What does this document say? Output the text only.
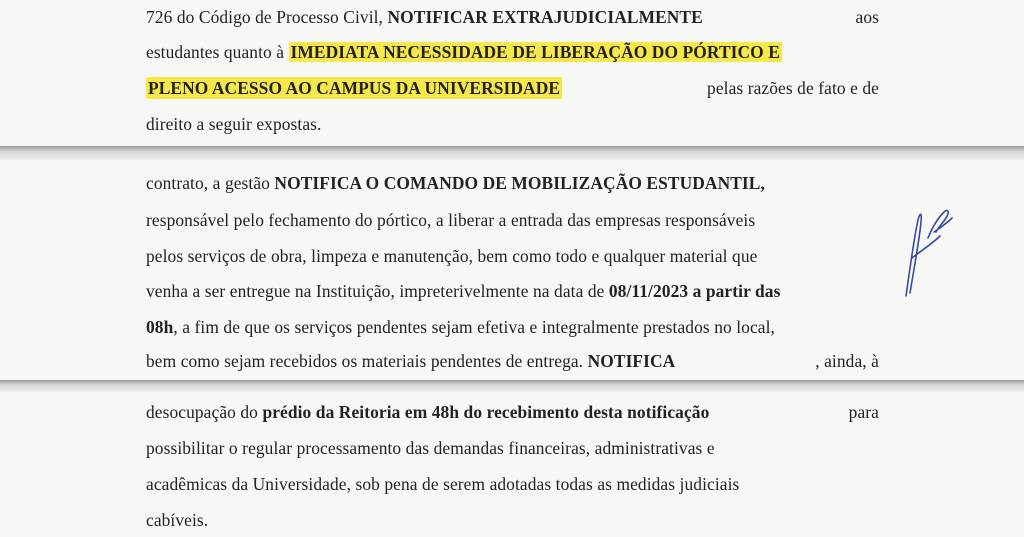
726 do Código de Processo Civil, NOTIFICAR EXTRAJUDICIALMENTE	aos
estudantes quanto à IMEDIATA NECESSIDADE DE LIBERAÇÃO DO PÓRTICO E
PLENO ACESSO AO CAMPUS DA UNIVERSIDADE	pelas razões de fato e de
direito a seguir expostas.
contrato, a gestão NOTIFICA O COMANDO DE MOBILIZAÇÃO ESTUDANTIL,
responsável pelo fechamento do pórtico, a liberar a entrada das empresas responsáveis
pelos serviços de obra, limpeza e manutenção, bem como todo e qualquer material que
venha a ser entregue na Instituição, impreterivelmente na data de 08/11/2023 a partir das
08h, a fim de que os serviços pendentes sejam efetiva e integralmente prestados no local,
bem como sejam recebidos os materiais pendentes de entrega. NOTIFICA	, ainda, à
desocupação do prédio da Reitoria em 48h do recebimento desta notificação	para
possibilitar o regular processamento das demandas financeiras, administrativas e
acadêmicas da Universidade, sob pena de serem adotadas todas as medidas judiciais
cabíveis.
